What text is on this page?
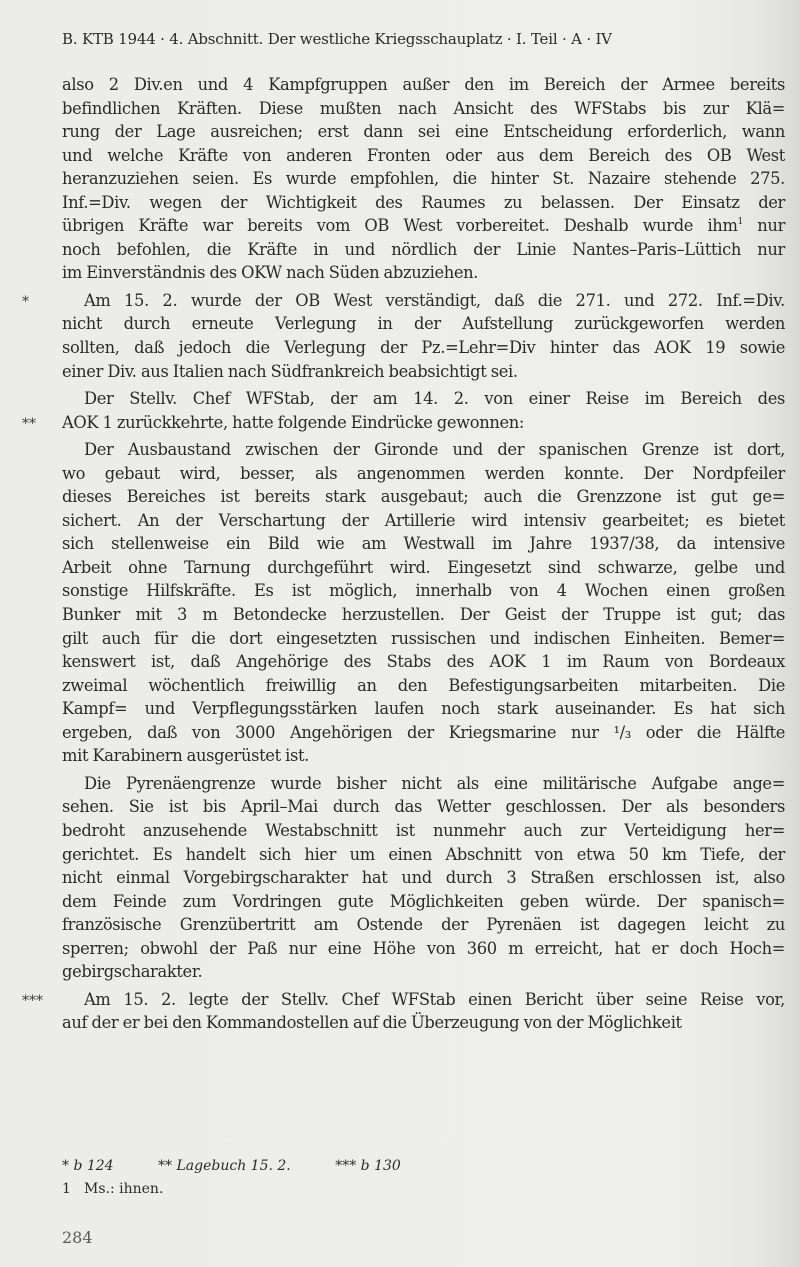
B. KTB 1944 · 4. Abschnitt. Der westliche Kriegsschauplatz · I. Teil · A · IV
also 2 Div.en und 4 Kampfgruppen außer den im Bereich der Armee bereits
befindlichen Kräften. Diese mußten nach Ansicht des WFStabs bis zur Klä=
rung der Lage ausreichen; erst dann sei eine Entscheidung erforderlich, wann
und welche Kräfte von anderen Fronten oder aus dem Bereich des OB West
heranzuziehen seien. Es wurde empfohlen, die hinter St. Nazaire stehende 275.
Inf.=Div. wegen der Wichtigkeit des Raumes zu belassen. Der Einsatz der
übrigen Kräfte war bereits vom OB West vorbereitet. Deshalb wurde ihm$^1$ nur
noch befohlen, die Kräfte in und nördlich der Linie Nantes–Paris–Lüttich nur
im Einverständnis des OKW nach Süden abzuziehen.
Am 15. 2. wurde der OB West verständigt, daß die 271. und 272. Inf.=Div.
nicht durch erneute Verlegung in der Aufstellung zurückgeworfen werden
sollten, daß jedoch die Verlegung der Pz.=Lehr=Div hinter das AOK 19 sowie
einer Div. aus Italien nach Südfrankreich beabsichtigt sei.
*
Der Stellv. Chef WFStab, der am 14. 2. von einer Reise im Bereich des
AOK 1 zurückkehrte, hatte folgende Eindrücke gewonnen:
**
Der Ausbaustand zwischen der Gironde und der spanischen Grenze ist dort,
wo gebaut wird, besser, als angenommen werden konnte. Der Nordpfeiler
dieses Bereiches ist bereits stark ausgebaut; auch die Grenzzone ist gut ge=
sichert. An der Verschartung der Artillerie wird intensiv gearbeitet; es bietet
sich stellenweise ein Bild wie am Westwall im Jahre 1937/38, da intensive
Arbeit ohne Tarnung durchgeführt wird. Eingesetzt sind schwarze, gelbe und
sonstige Hilfskräfte. Es ist möglich, innerhalb von 4 Wochen einen großen
Bunker mit 3 m Betondecke herzustellen. Der Geist der Truppe ist gut; das
gilt auch für die dort eingesetzten russischen und indischen Einheiten. Bemer=
kenswert ist, daß Angehörige des Stabs des AOK 1 im Raum von Bordeaux
zweimal wöchentlich freiwillig an den Befestigungsarbeiten mitarbeiten. Die
Kampf= und Verpflegungsstärken laufen noch stark auseinander. Es hat sich
ergeben, daß von 3000 Angehörigen der Kriegsmarine nur ¹/₃ oder die Hälfte
mit Karabinern ausgerüstet ist.
Die Pyrenäengrenze wurde bisher nicht als eine militärische Aufgabe ange=
sehen. Sie ist bis April–Mai durch das Wetter geschlossen. Der als besonders
bedroht anzusehende Westabschnitt ist nunmehr auch zur Verteidigung her=
gerichtet. Es handelt sich hier um einen Abschnitt von etwa 50 km Tiefe, der
nicht einmal Vorgebirgscharakter hat und durch 3 Straßen erschlossen ist, also
dem Feinde zum Vordringen gute Möglichkeiten geben würde. Der spanisch=
französische Grenzübertritt am Ostende der Pyrenäen ist dagegen leicht zu
sperren; obwohl der Paß nur eine Höhe von 360 m erreicht, hat er doch Hoch=
gebirgscharakter.
Am 15. 2. legte der Stellv. Chef WFStab einen Bericht über seine Reise vor,
auf der er bei den Kommandostellen auf die Überzeugung von der Möglichkeit
***
* b 124	** Lagebuch 15. 2.	*** b 130
1 Ms.: ihnen.
284
